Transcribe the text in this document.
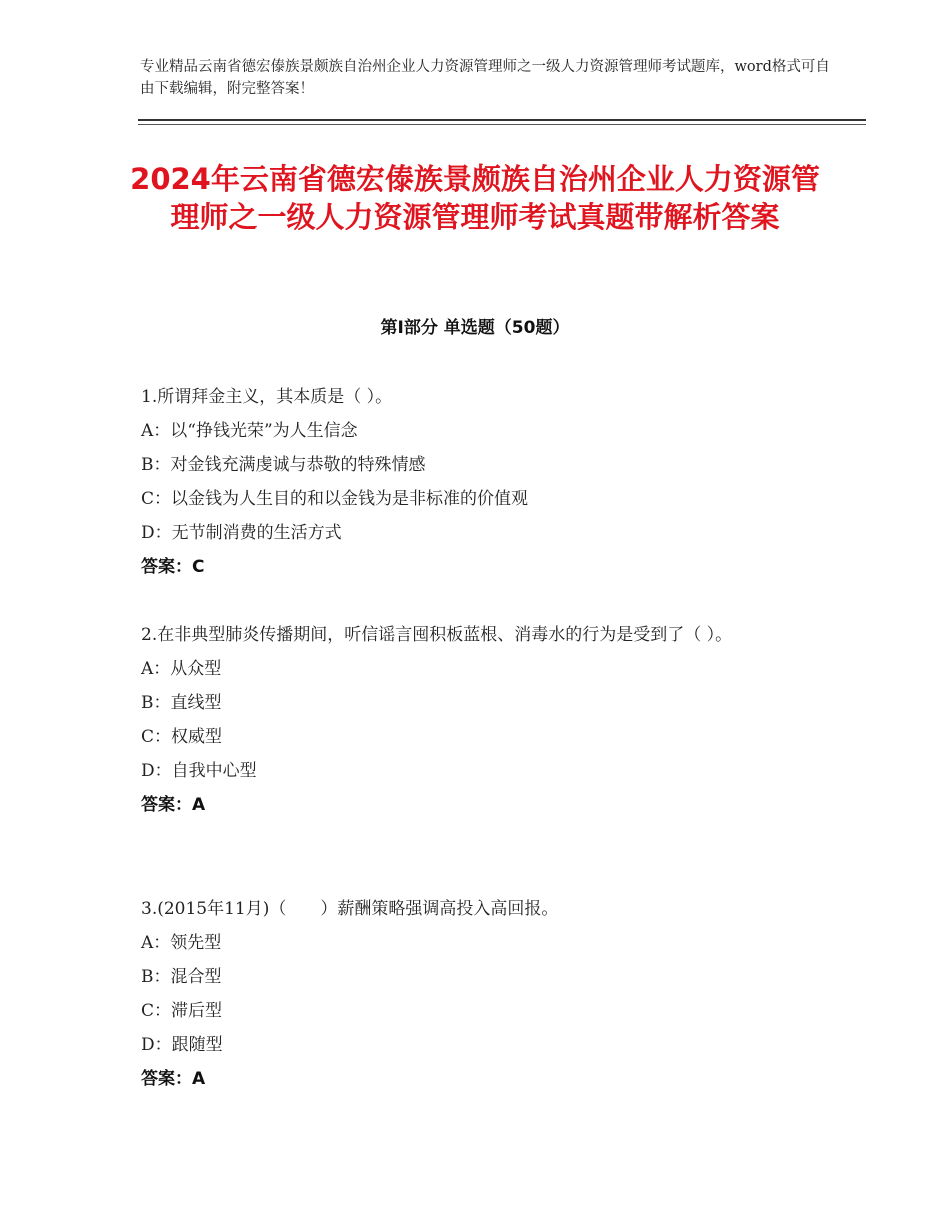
专业精品云南省德宏傣族景颇族自治州企业人力资源管理师之一级人力资源管理师考试题库，word格式可自由下载编辑，附完整答案！
2024年云南省德宏傣族景颇族自治州企业人力资源管理师之一级人力资源管理师考试真题带解析答案
第Ⅰ部分 单选题（50题）
1.所谓拜金主义，其本质是（ ）。
A：以“挣钱光荣”为人生信念
B：对金钱充满虔诚与恭敬的特殊情感
C：以金钱为人生目的和以金钱为是非标准的价值观
D：无节制消费的生活方式
答案：C
2.在非典型肺炎传播期间，听信谣言囤积板蓝根、消毒水的行为是受到了（ ）。
A：从众型
B：直线型
C：权威型
D：自我中心型
答案：A
3.(2015年11月)（　　）薪酬策略强调高投入高回报。
A：领先型
B：混合型
C：滞后型
D：跟随型
答案：A
